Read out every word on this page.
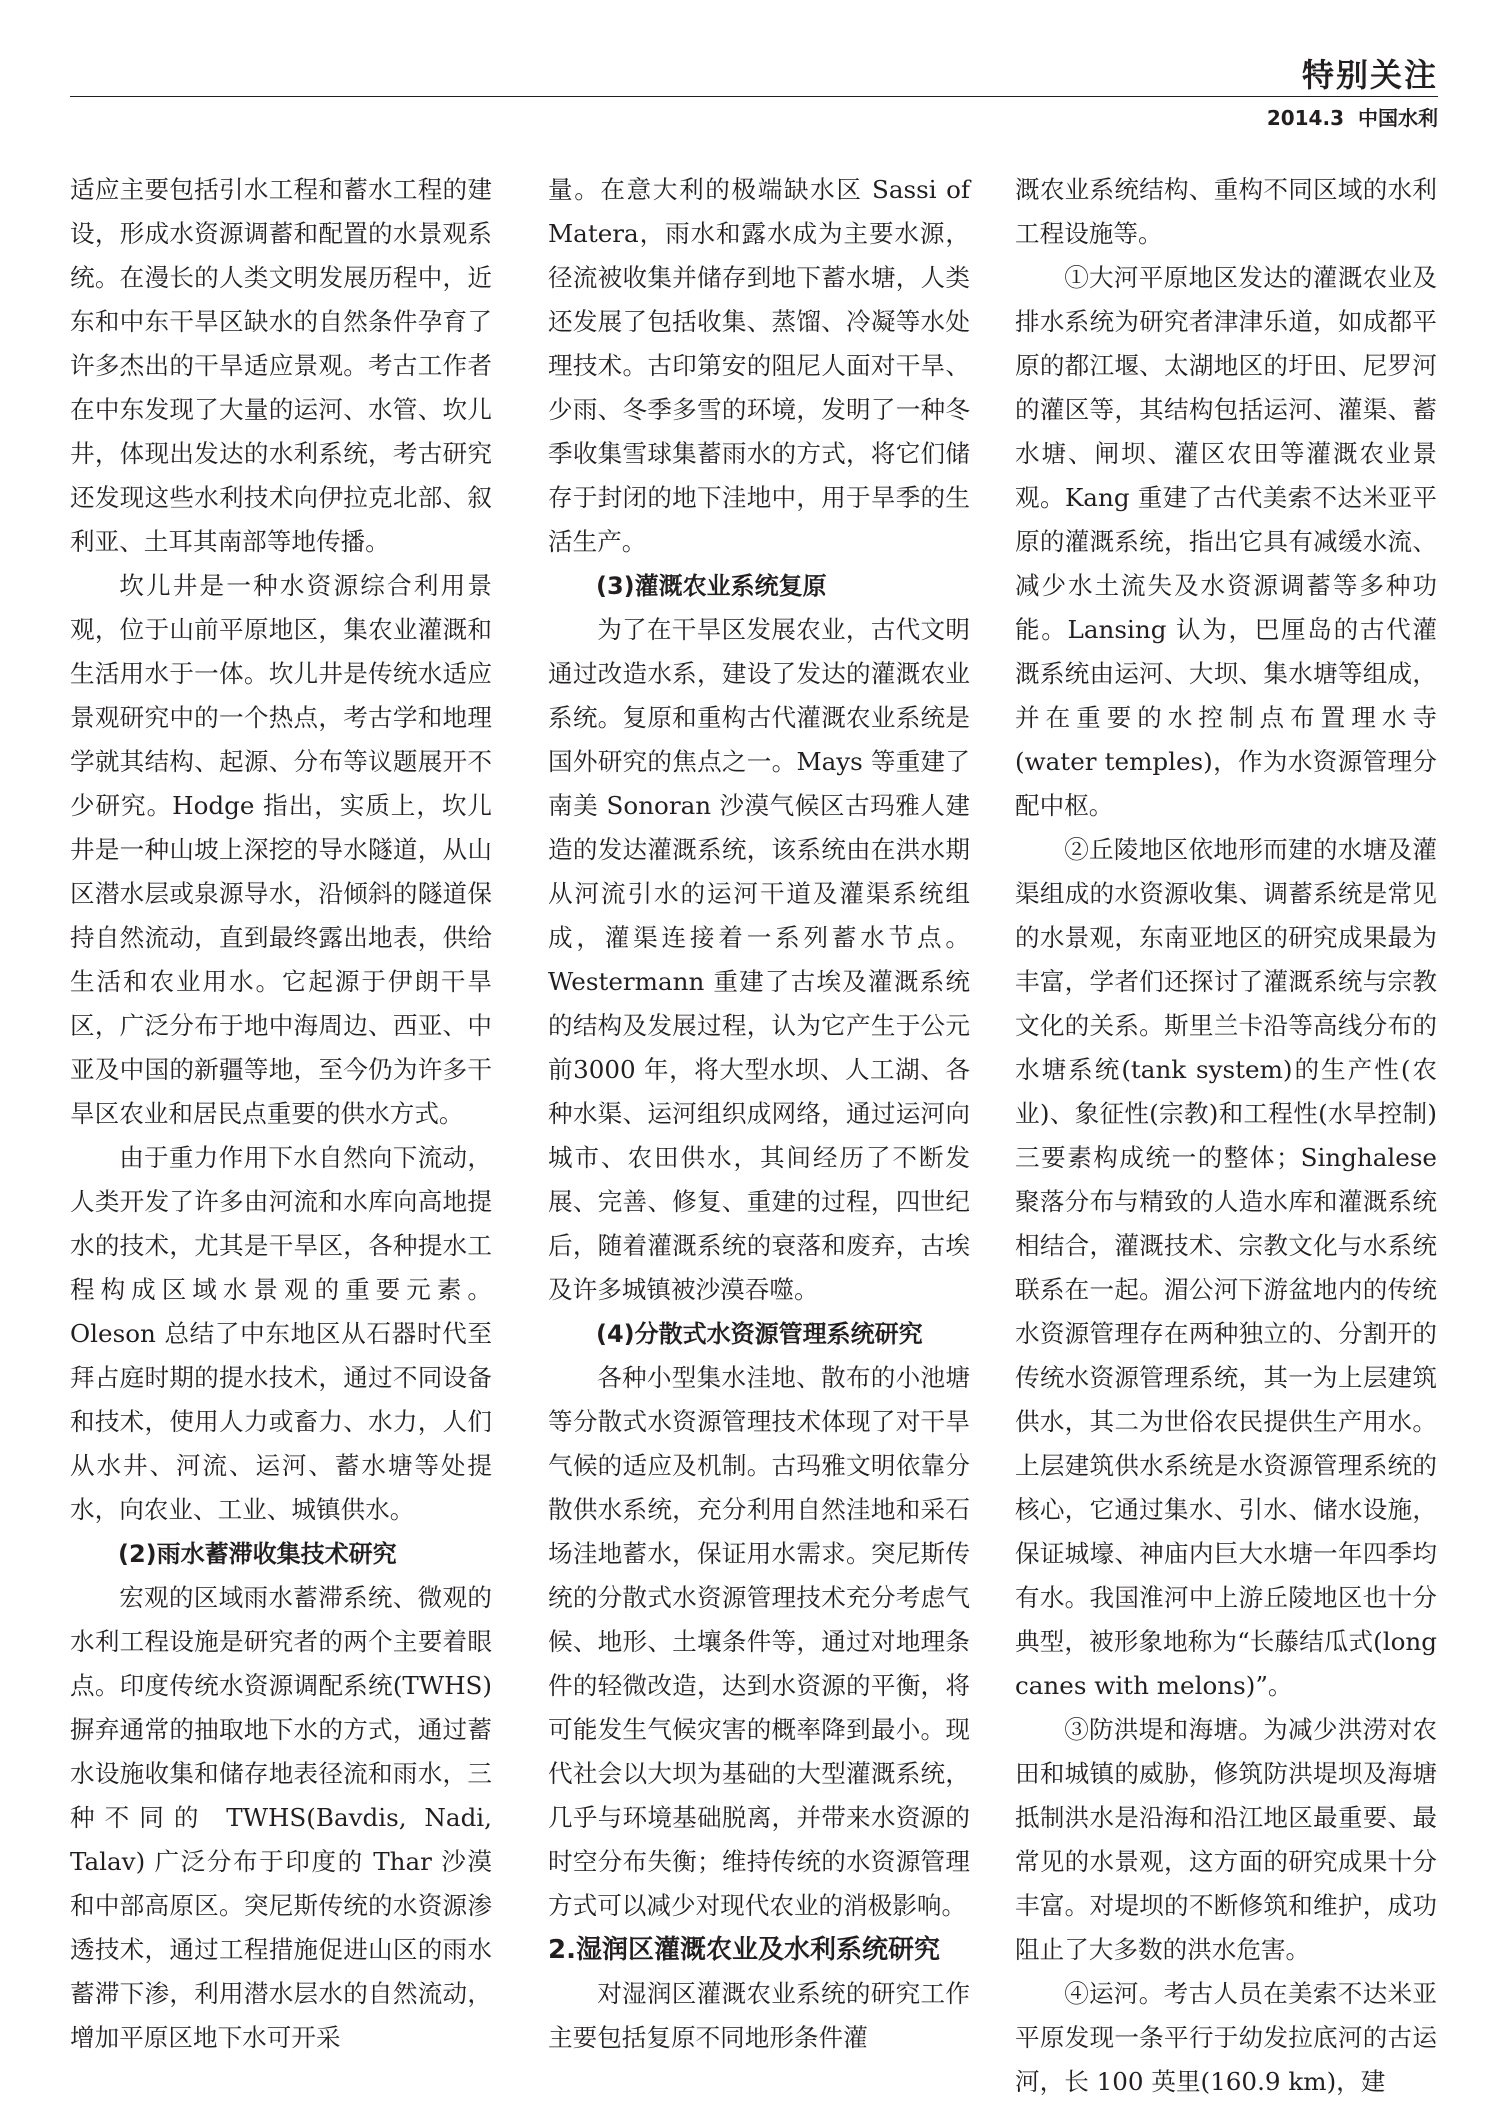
特别关注
2014.3 中国水利

适应主要包括引水工程和蓄水工程的建设，形成水资源调蓄和配置的水景观系统。在漫长的人类文明发展历程中，近东和中东干旱区缺水的自然条件孕育了许多杰出的干旱适应景观。考古工作者在中东发现了大量的运河、水管、坎儿井，体现出发达的水利系统，考古研究还发现这些水利技术向伊拉克北部、叙利亚、土耳其南部等地传播。

坎儿井是一种水资源综合利用景观，位于山前平原地区，集农业灌溉和生活用水于一体。坎儿井是传统水适应景观研究中的一个热点，考古学和地理学就其结构、起源、分布等议题展开不少研究。Hodge 指出，实质上，坎儿井是一种山坡上深挖的导水隧道，从山区潜水层或泉源导水，沿倾斜的隧道保持自然流动，直到最终露出地表，供给生活和农业用水。它起源于伊朗干旱区，广泛分布于地中海周边、西亚、中亚及中国的新疆等地，至今仍为许多干旱区农业和居民点重要的供水方式。

由于重力作用下水自然向下流动，人类开发了许多由河流和水库向高地提水的技术，尤其是干旱区，各种提水工程构成区域水景观的重要元素。Oleson 总结了中东地区从石器时代至拜占庭时期的提水技术，通过不同设备和技术，使用人力或畜力、水力，人们从水井、河流、运河、蓄水塘等处提水，向农业、工业、城镇供水。

(2)雨水蓄滞收集技术研究

宏观的区域雨水蓄滞系统、微观的水利工程设施是研究者的两个主要着眼点。印度传统水资源调配系统(TWHS)摒弃通常的抽取地下水的方式，通过蓄水设施收集和储存地表径流和雨水，三种不同的 TWHS(Bavdis, Nadi, Talav) 广泛分布于印度的 Thar 沙漠和中部高原区。突尼斯传统的水资源渗透技术，通过工程措施促进山区的雨水蓄滞下渗，利用潜水层水的自然流动，增加平原区地下水可开采

量。在意大利的极端缺水区 Sassi of Matera，雨水和露水成为主要水源，径流被收集并储存到地下蓄水塘，人类还发展了包括收集、蒸馏、冷凝等水处理技术。古印第安的阻尼人面对干旱、少雨、冬季多雪的环境，发明了一种冬季收集雪球集蓄雨水的方式，将它们储存于封闭的地下洼地中，用于旱季的生活生产。

(3)灌溉农业系统复原

为了在干旱区发展农业，古代文明通过改造水系，建设了发达的灌溉农业系统。复原和重构古代灌溉农业系统是国外研究的焦点之一。Mays 等重建了南美 Sonoran 沙漠气候区古玛雅人建造的发达灌溉系统，该系统由在洪水期从河流引水的运河干道及灌渠系统组成，灌渠连接着一系列蓄水节点。Westermann 重建了古埃及灌溉系统的结构及发展过程，认为它产生于公元前3000 年，将大型水坝、人工湖、各种水渠、运河组织成网络，通过运河向城市、农田供水，其间经历了不断发展、完善、修复、重建的过程，四世纪后，随着灌溉系统的衰落和废弃，古埃及许多城镇被沙漠吞噬。

(4)分散式水资源管理系统研究

各种小型集水洼地、散布的小池塘等分散式水资源管理技术体现了对干旱气候的适应及机制。古玛雅文明依靠分散供水系统，充分利用自然洼地和采石场洼地蓄水，保证用水需求。突尼斯传统的分散式水资源管理技术充分考虑气候、地形、土壤条件等，通过对地理条件的轻微改造，达到水资源的平衡，将可能发生气候灾害的概率降到最小。现代社会以大坝为基础的大型灌溉系统，几乎与环境基础脱离，并带来水资源的时空分布失衡；维持传统的水资源管理方式可以减少对现代农业的消极影响。

2.湿润区灌溉农业及水利系统研究

对湿润区灌溉农业系统的研究工作主要包括复原不同地形条件灌

溉农业系统结构、重构不同区域的水利工程设施等。

①大河平原地区发达的灌溉农业及排水系统为研究者津津乐道，如成都平原的都江堰、太湖地区的圩田、尼罗河的灌区等，其结构包括运河、灌渠、蓄水塘、闸坝、灌区农田等灌溉农业景观。Kang 重建了古代美索不达米亚平原的灌溉系统，指出它具有减缓水流、减少水土流失及水资源调蓄等多种功能。Lansing 认为，巴厘岛的古代灌溉系统由运河、大坝、集水塘等组成，并在重要的水控制点布置理水寺(water temples)，作为水资源管理分配中枢。

②丘陵地区依地形而建的水塘及灌渠组成的水资源收集、调蓄系统是常见的水景观，东南亚地区的研究成果最为丰富，学者们还探讨了灌溉系统与宗教文化的关系。斯里兰卡沿等高线分布的水塘系统(tank system)的生产性(农业)、象征性(宗教)和工程性(水旱控制)三要素构成统一的整体；Singhalese 聚落分布与精致的人造水库和灌溉系统相结合，灌溉技术、宗教文化与水系统联系在一起。湄公河下游盆地内的传统水资源管理存在两种独立的、分割开的传统水资源管理系统，其一为上层建筑供水，其二为世俗农民提供生产用水。上层建筑供水系统是水资源管理系统的核心，它通过集水、引水、储水设施，保证城壕、神庙内巨大水塘一年四季均有水。我国淮河中上游丘陵地区也十分典型，被形象地称为“长藤结瓜式(long canes with melons)”。

③防洪堤和海塘。为减少洪涝对农田和城镇的威胁，修筑防洪堤坝及海塘抵制洪水是沿海和沿江地区最重要、最常见的水景观，这方面的研究成果十分丰富。对堤坝的不断修筑和维护，成功阻止了大多数的洪水危害。

④运河。考古人员在美索不达米亚平原发现一条平行于幼发拉底河的古运河，长 100 英里(160.9 km)，建
